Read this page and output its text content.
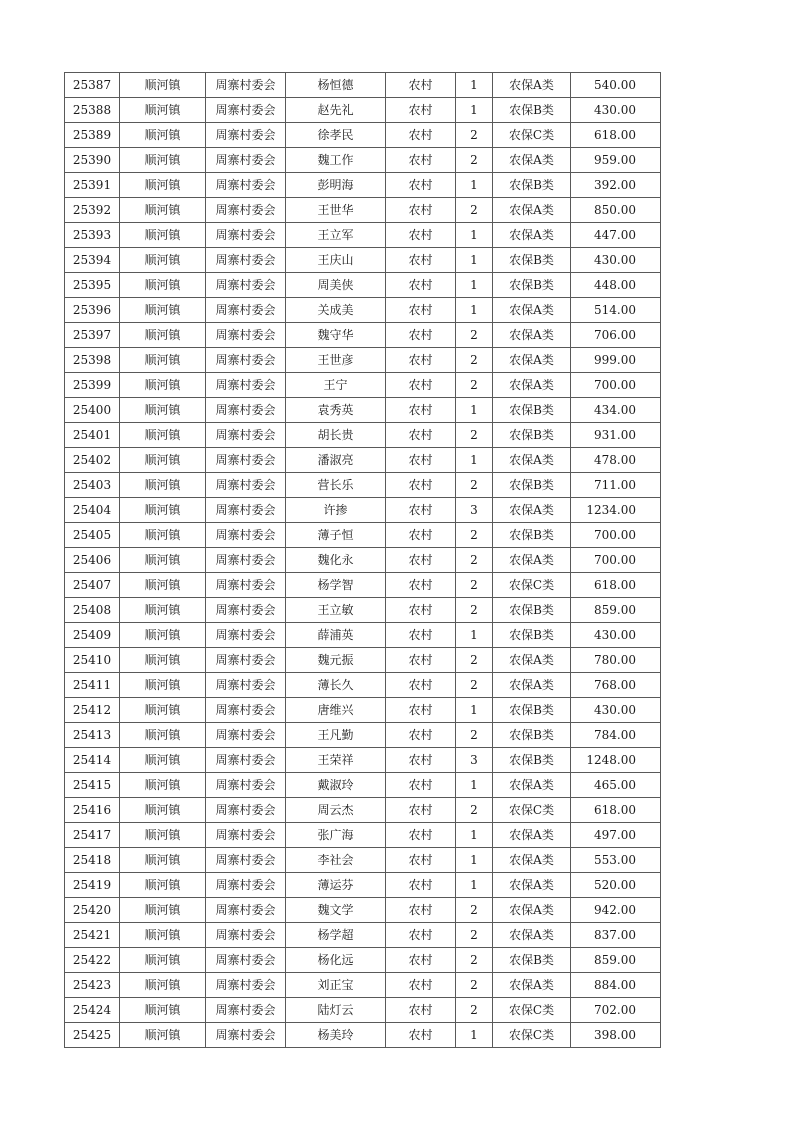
25387	顺河镇	周寨村委会	杨恒德	农村	1	农保A类	540.00
25388	顺河镇	周寨村委会	赵先礼	农村	1	农保B类	430.00
25389	顺河镇	周寨村委会	徐孝民	农村	2	农保C类	618.00
25390	顺河镇	周寨村委会	魏工作	农村	2	农保A类	959.00
25391	顺河镇	周寨村委会	彭明海	农村	1	农保B类	392.00
25392	顺河镇	周寨村委会	王世华	农村	2	农保A类	850.00
25393	顺河镇	周寨村委会	王立军	农村	1	农保A类	447.00
25394	顺河镇	周寨村委会	王庆山	农村	1	农保B类	430.00
25395	顺河镇	周寨村委会	周美侠	农村	1	农保B类	448.00
25396	顺河镇	周寨村委会	关成美	农村	1	农保A类	514.00
25397	顺河镇	周寨村委会	魏守华	农村	2	农保A类	706.00
25398	顺河镇	周寨村委会	王世彦	农村	2	农保A类	999.00
25399	顺河镇	周寨村委会	王宁	农村	2	农保A类	700.00
25400	顺河镇	周寨村委会	袁秀英	农村	1	农保B类	434.00
25401	顺河镇	周寨村委会	胡长贵	农村	2	农保B类	931.00
25402	顺河镇	周寨村委会	潘淑亮	农村	1	农保A类	478.00
25403	顺河镇	周寨村委会	营长乐	农村	2	农保B类	711.00
25404	顺河镇	周寨村委会	许掺	农村	3	农保A类	1234.00
25405	顺河镇	周寨村委会	薄子恒	农村	2	农保B类	700.00
25406	顺河镇	周寨村委会	魏化永	农村	2	农保A类	700.00
25407	顺河镇	周寨村委会	杨学智	农村	2	农保C类	618.00
25408	顺河镇	周寨村委会	王立敏	农村	2	农保B类	859.00
25409	顺河镇	周寨村委会	薛浦英	农村	1	农保B类	430.00
25410	顺河镇	周寨村委会	魏元振	农村	2	农保A类	780.00
25411	顺河镇	周寨村委会	薄长久	农村	2	农保A类	768.00
25412	顺河镇	周寨村委会	唐维兴	农村	1	农保B类	430.00
25413	顺河镇	周寨村委会	王凡勤	农村	2	农保B类	784.00
25414	顺河镇	周寨村委会	王荣祥	农村	3	农保B类	1248.00
25415	顺河镇	周寨村委会	戴淑玲	农村	1	农保A类	465.00
25416	顺河镇	周寨村委会	周云杰	农村	2	农保C类	618.00
25417	顺河镇	周寨村委会	张广海	农村	1	农保A类	497.00
25418	顺河镇	周寨村委会	李社会	农村	1	农保A类	553.00
25419	顺河镇	周寨村委会	薄运芬	农村	1	农保A类	520.00
25420	顺河镇	周寨村委会	魏文学	农村	2	农保A类	942.00
25421	顺河镇	周寨村委会	杨学超	农村	2	农保A类	837.00
25422	顺河镇	周寨村委会	杨化远	农村	2	农保B类	859.00
25423	顺河镇	周寨村委会	刘正宝	农村	2	农保A类	884.00
25424	顺河镇	周寨村委会	陆灯云	农村	2	农保C类	702.00
25425	顺河镇	周寨村委会	杨美玲	农村	1	农保C类	398.00
